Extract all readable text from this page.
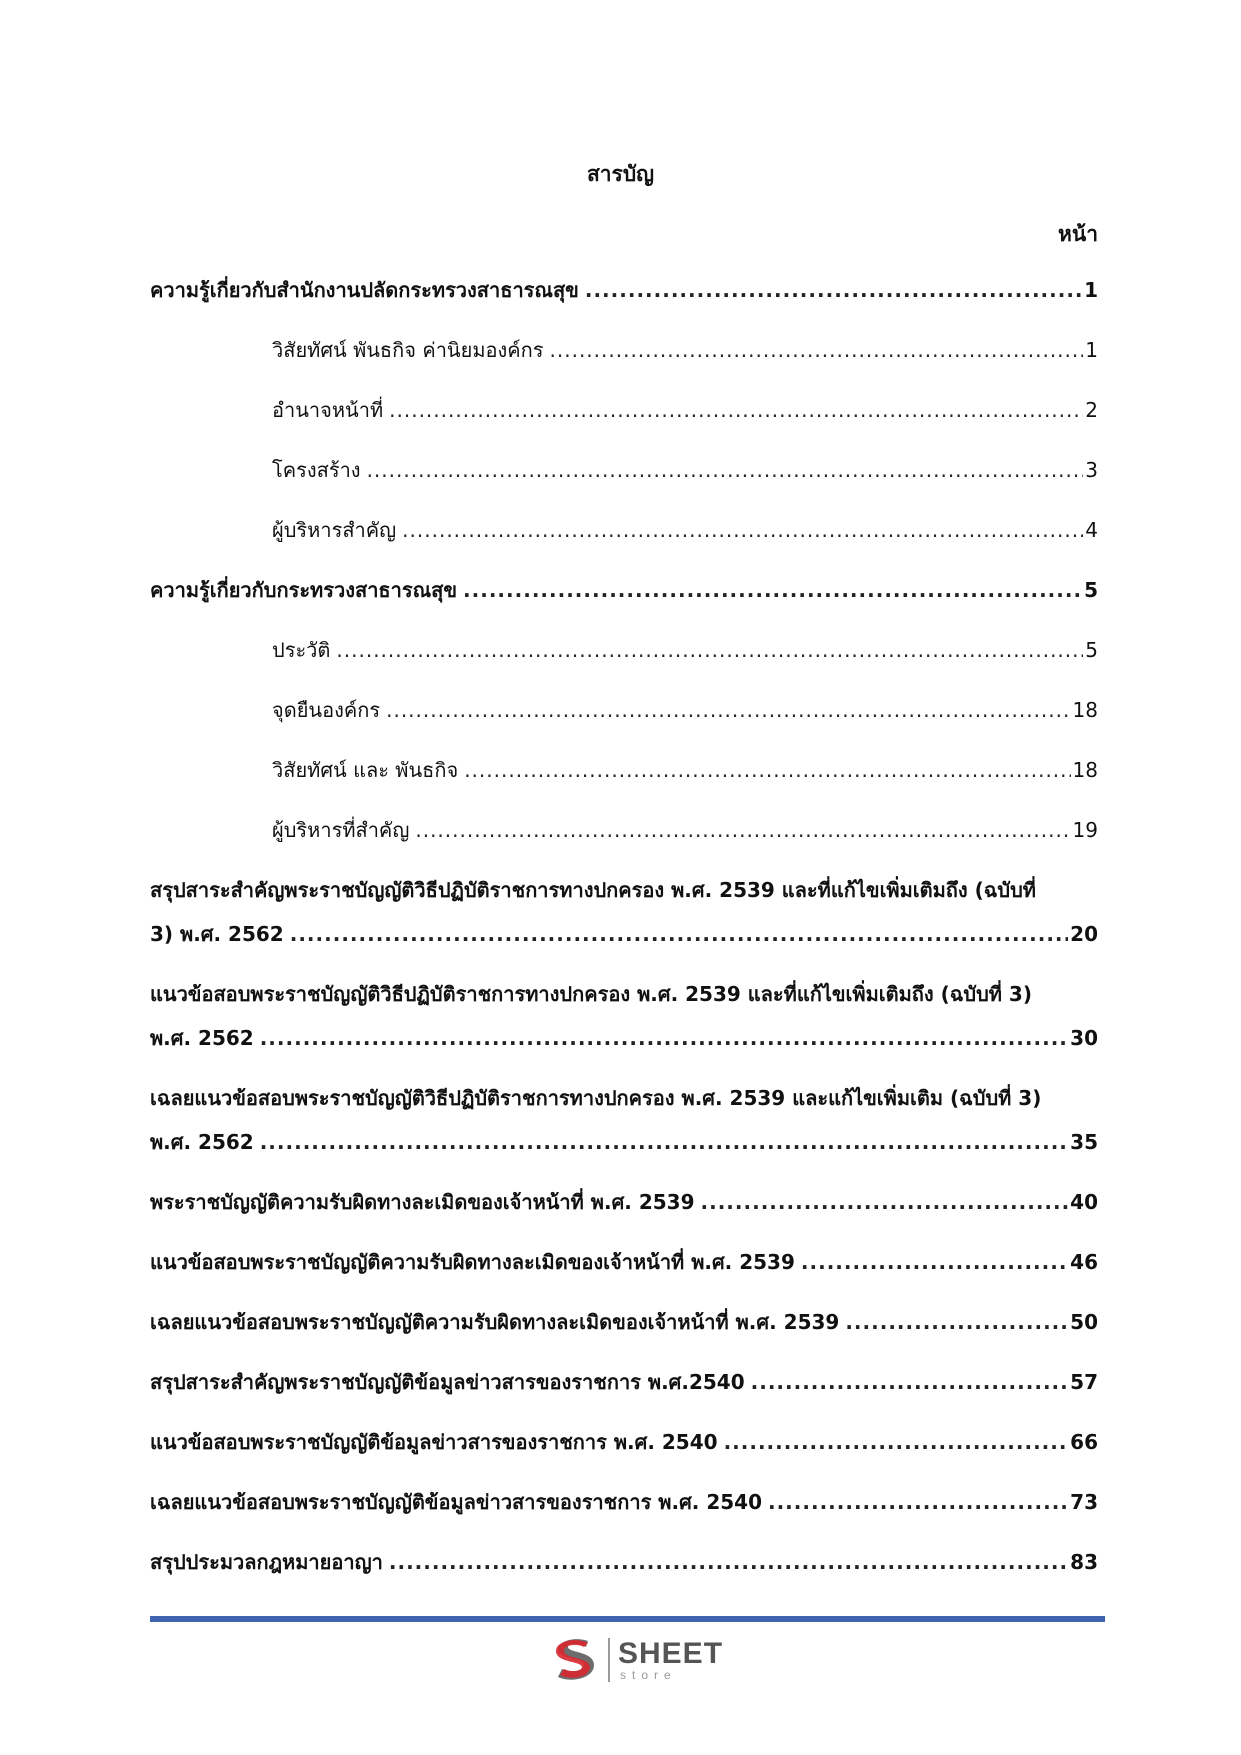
สารบัญ
หน้า
ความรู้เกี่ยวกับสำนักงานปลัดกระทรวงสาธารณสุข .....	1
วิสัยทัศน์ พันธกิจ ค่านิยมองค์กร .....	1
อำนาจหน้าที่ .....	2
โครงสร้าง .....	3
ผู้บริหารสำคัญ .....	4
ความรู้เกี่ยวกับกระทรวงสาธารณสุข .....	5
ประวัติ .....	5
จุดยืนองค์กร .....	18
วิสัยทัศน์ และ พันธกิจ .....	18
ผู้บริหารที่สำคัญ .....	19
สรุปสาระสำคัญพระราชบัญญัติวิธีปฏิบัติราชการทางปกครอง พ.ศ. 2539 และที่แก้ไขเพิ่มเติมถึง (ฉบับที่
3) พ.ศ. 2562 .....	20
แนวข้อสอบพระราชบัญญัติวิธีปฏิบัติราชการทางปกครอง พ.ศ. 2539 และที่แก้ไขเพิ่มเติมถึง (ฉบับที่ 3)
พ.ศ. 2562 .....	30
เฉลยแนวข้อสอบพระราชบัญญัติวิธีปฏิบัติราชการทางปกครอง พ.ศ. 2539 และแก้ไขเพิ่มเติม (ฉบับที่ 3)
พ.ศ. 2562 .....	35
พระราชบัญญัติความรับผิดทางละเมิดของเจ้าหน้าที่ พ.ศ. 2539 .....	40
แนวข้อสอบพระราชบัญญัติความรับผิดทางละเมิดของเจ้าหน้าที่ พ.ศ. 2539 .....	46
เฉลยแนวข้อสอบพระราชบัญญัติความรับผิดทางละเมิดของเจ้าหน้าที่ พ.ศ. 2539 .....	50
สรุปสาระสำคัญพระราชบัญญัติข้อมูลข่าวสารของราชการ พ.ศ.2540 .....	57
แนวข้อสอบพระราชบัญญัติข้อมูลข่าวสารของราชการ พ.ศ. 2540 .....	66
เฉลยแนวข้อสอบพระราชบัญญัติข้อมูลข่าวสารของราชการ พ.ศ. 2540 .....	73
สรุปประมวลกฎหมายอาญา .....	83
SHEET
store
